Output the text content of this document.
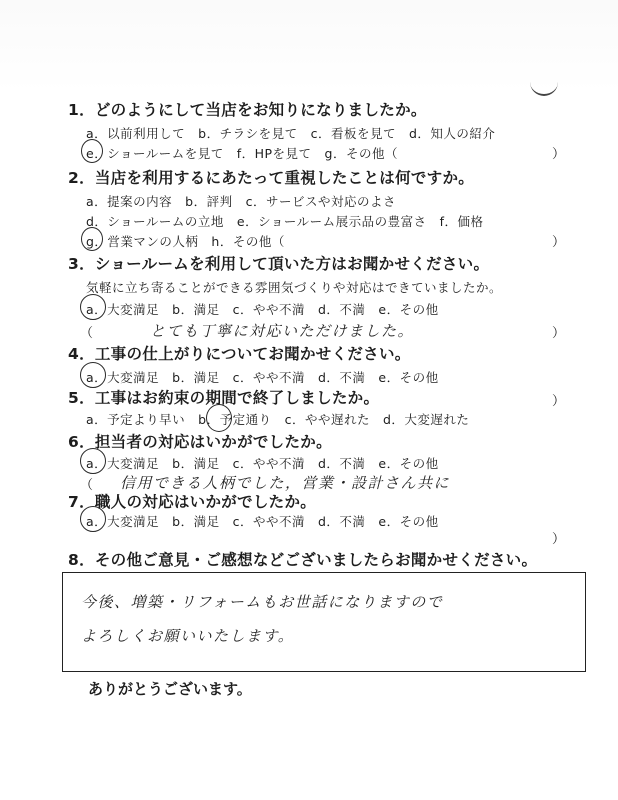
1．どのようにして当店をお知りになりましたか。
a．以前利用して　b．チラシを見て　c．看板を見て　d．知人の紹介
e．ショールームを見て　f．HPを見て　g．その他（	）
2．当店を利用するにあたって重視したことは何ですか。
a．提案の内容　b．評判　c．サービスや対応のよさ
d．ショールームの立地　e．ショールーム展示品の豊富さ　f．価格
g．営業マンの人柄　h．その他（	）
3．ショールームを利用して頂いた方はお聞かせください。
気軽に立ち寄ることができる雰囲気づくりや対応はできていましたか。
a．大変満足　b．満足　c．やや不満　d．不満　e．その他
（	とても丁寧に対応いただけました。	）
4．工事の仕上がりについてお聞かせください。
a．大変満足　b．満足　c．やや不満　d．不満　e．その他
）
5．工事はお約束の期間で終了しましたか。
a．予定より早い　b．予定通り　c．やや遅れた　d．大変遅れた
6．担当者の対応はいかがでしたか。
a．大変満足　b．満足　c．やや不満　d．不満　e．その他
（ 信用できる人柄でした，営業・設計さん共に
7．職人の対応はいかがでしたか。
a．大変満足　b．満足　c．やや不満　d．不満　e．その他
）
8．その他ご意見・ご感想などございましたらお聞かせください。
今後、増築・リフォームもお世話になりますので
よろしくお願いいたします。
ありがとうございます。
